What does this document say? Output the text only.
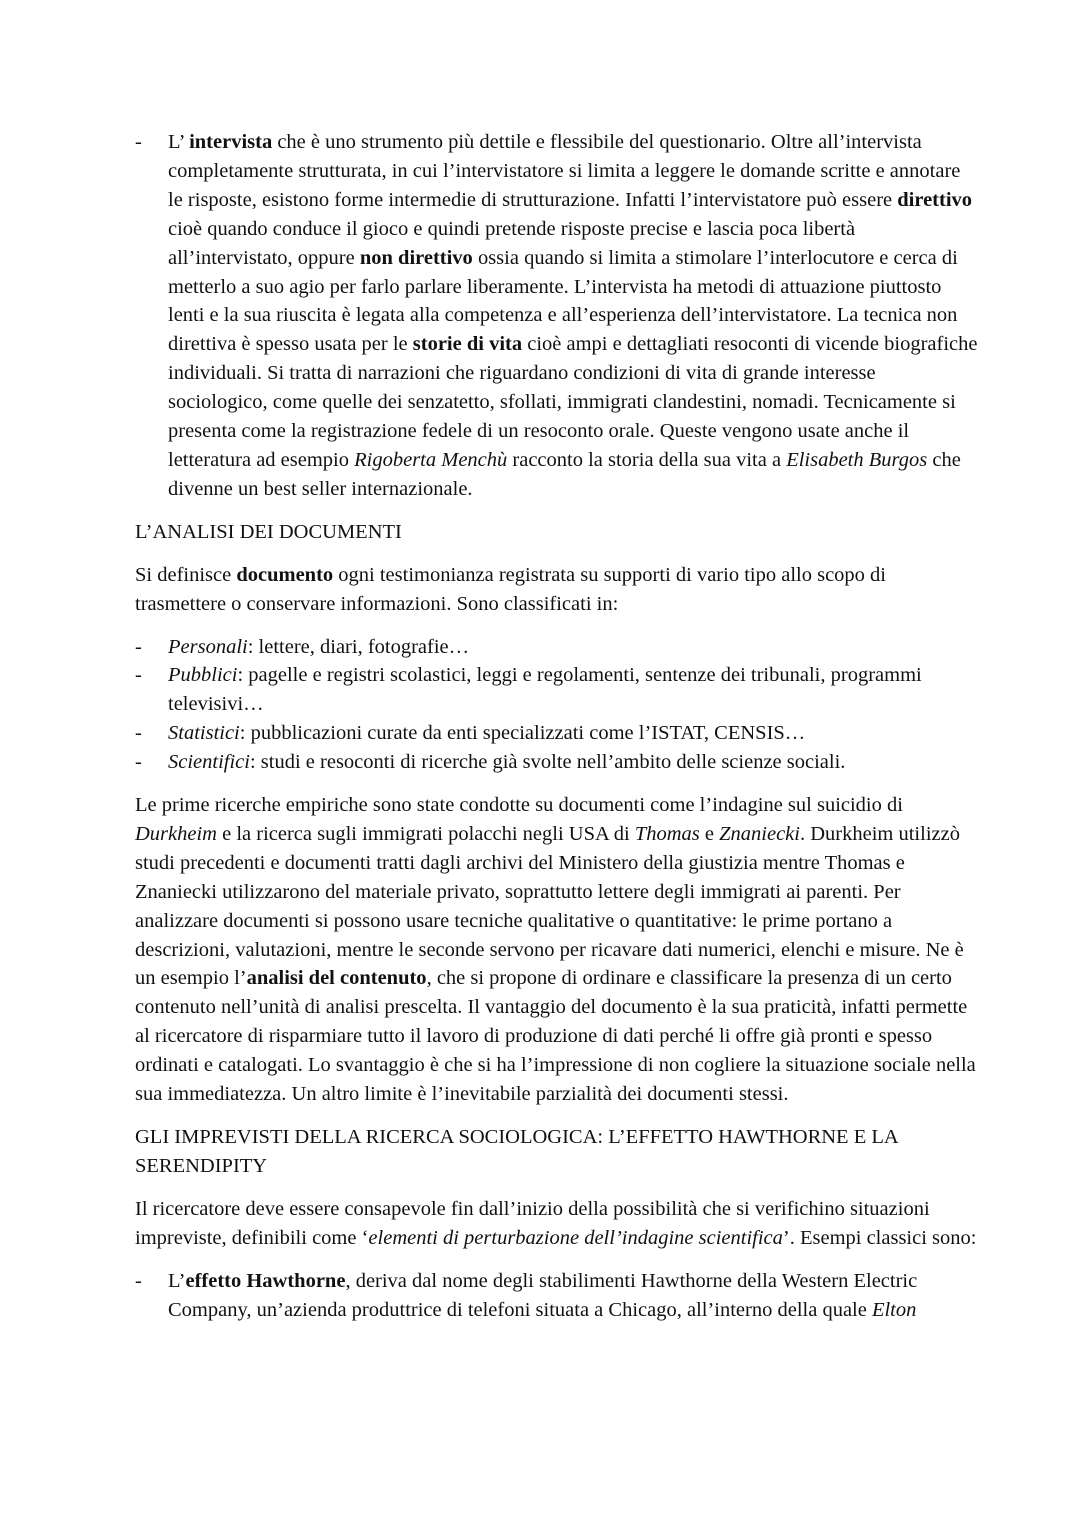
- L’ intervista che è uno strumento più dettile e flessibile del questionario. Oltre all’intervista completamente strutturata, in cui l’intervistatore si limita a leggere le domande scritte e annotare le risposte, esistono forme intermedie di strutturazione. Infatti l’intervistatore può essere direttivo cioè quando conduce il gioco e quindi pretende risposte precise e lascia poca libertà all’intervistato, oppure non direttivo ossia quando si limita a stimolare l’interlocutore e cerca di metterlo a suo agio per farlo parlare liberamente. L’intervista ha metodi di attuazione piuttosto lenti e la sua riuscita è legata alla competenza e all’esperienza dell’intervistatore. La tecnica non direttiva è spesso usata per le storie di vita cioè ampi e dettagliati resoconti di vicende biografiche individuali. Si tratta di narrazioni che riguardano condizioni di vita di grande interesse sociologico, come quelle dei senzatetto, sfollati, immigrati clandestini, nomadi. Tecnicamente si presenta come la registrazione fedele di un resoconto orale. Queste vengono usate anche il letteratura ad esempio Rigoberta Menchù racconto la storia della sua vita a Elisabeth Burgos che divenne un best seller internazionale.

L’ANALISI DEI DOCUMENTI

Si definisce documento ogni testimonianza registrata su supporti di vario tipo allo scopo di trasmettere o conservare informazioni. Sono classificati in:

- Personali: lettere, diari, fotografie…

- Pubblici: pagelle e registri scolastici, leggi e regolamenti, sentenze dei tribunali, programmi televisivi…

- Statistici: pubblicazioni curate da enti specializzati come l’ISTAT, CENSIS…

- Scientifici: studi e resoconti di ricerche già svolte nell’ambito delle scienze sociali.

Le prime ricerche empiriche sono state condotte su documenti come l’indagine sul suicidio di Durkheim e la ricerca sugli immigrati polacchi negli USA di Thomas e Znaniecki. Durkheim utilizzò studi precedenti e documenti tratti dagli archivi del Ministero della giustizia mentre Thomas e Znaniecki utilizzarono del materiale privato, soprattutto lettere degli immigrati ai parenti. Per analizzare documenti si possono usare tecniche qualitative o quantitative: le prime portano a descrizioni, valutazioni, mentre le seconde servono per ricavare dati numerici, elenchi e misure. Ne è un esempio l’analisi del contenuto, che si propone di ordinare e classificare la presenza di un certo contenuto nell’unità di analisi prescelta. Il vantaggio del documento è la sua praticità, infatti permette al ricercatore di risparmiare tutto il lavoro di produzione di dati perché li offre già pronti e spesso ordinati e catalogati. Lo svantaggio è che si ha l’impressione di non cogliere la situazione sociale nella sua immediatezza. Un altro limite è l’inevitabile parzialità dei documenti stessi.

GLI IMPREVISTI DELLA RICERCA SOCIOLOGICA: L’EFFETTO HAWTHORNE E LA SERENDIPITY

Il ricercatore deve essere consapevole fin dall’inizio della possibilità che si verifichino situazioni impreviste, definibili come ‘elementi di perturbazione dell’indagine scientifica’. Esempi classici sono:

- L’effetto Hawthorne, deriva dal nome degli stabilimenti Hawthorne della Western Electric Company, un’azienda produttrice di telefoni situata a Chicago, all’interno della quale Elton
